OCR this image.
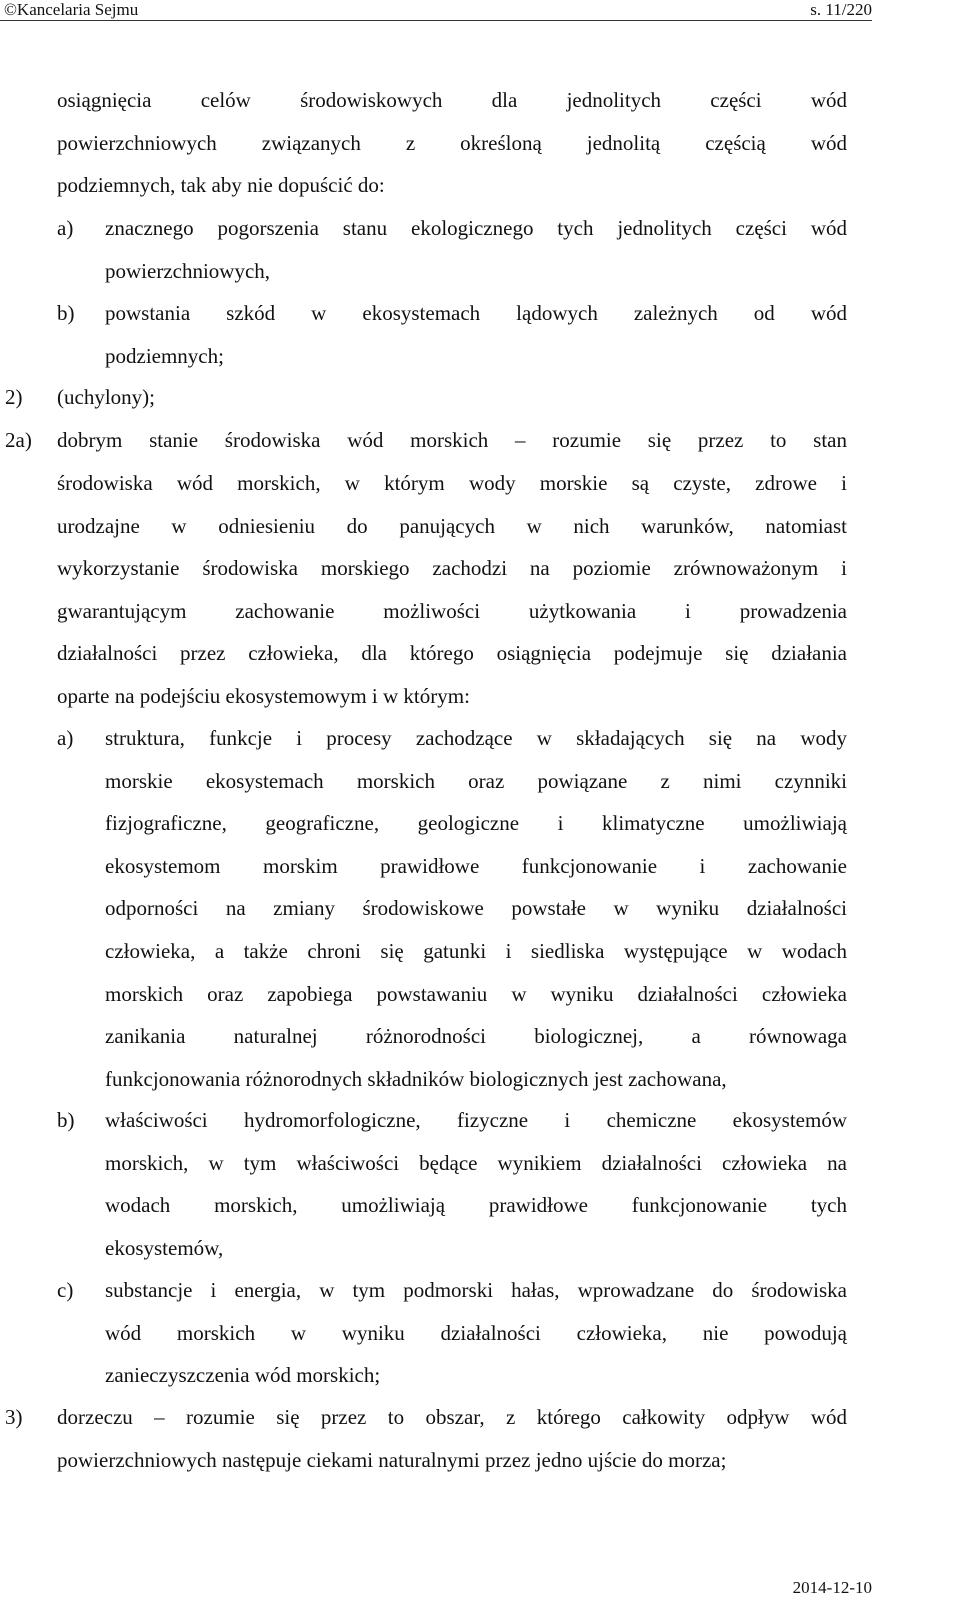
©Kancelaria Sejmu	s. 11/220
osiągnięcia celów środowiskowych dla jednolitych części wód
powierzchniowych związanych z określoną jednolitą częścią wód
podziemnych, tak aby nie dopuścić do:
a) znacznego pogorszenia stanu ekologicznego tych jednolitych części wód
powierzchniowych,
b) powstania szkód w ekosystemach lądowych zależnych od wód
podziemnych;
2) (uchylony);
2a) dobrym stanie środowiska wód morskich – rozumie się przez to stan
środowiska wód morskich, w którym wody morskie są czyste, zdrowe i
urodzajne w odniesieniu do panujących w nich warunków, natomiast
wykorzystanie środowiska morskiego zachodzi na poziomie zrównoważonym i
gwarantującym zachowanie możliwości użytkowania i prowadzenia
działalności przez człowieka, dla którego osiągnięcia podejmuje się działania
oparte na podejściu ekosystemowym i w którym:
a) struktura, funkcje i procesy zachodzące w składających się na wody
morskie ekosystemach morskich oraz powiązane z nimi czynniki
fizjograficzne, geograficzne, geologiczne i klimatyczne umożliwiają
ekosystemom morskim prawidłowe funkcjonowanie i zachowanie
odporności na zmiany środowiskowe powstałe w wyniku działalności
człowieka, a także chroni się gatunki i siedliska występujące w wodach
morskich oraz zapobiega powstawaniu w wyniku działalności człowieka
zanikania naturalnej różnorodności biologicznej, a równowaga
funkcjonowania różnorodnych składników biologicznych jest zachowana,
b) właściwości hydromorfologiczne, fizyczne i chemiczne ekosystemów
morskich, w tym właściwości będące wynikiem działalności człowieka na
wodach morskich, umożliwiają prawidłowe funkcjonowanie tych
ekosystemów,
c) substancje i energia, w tym podmorski hałas, wprowadzane do środowiska
wód morskich w wyniku działalności człowieka, nie powodują
zanieczyszczenia wód morskich;
3) dorzeczu – rozumie się przez to obszar, z którego całkowity odpływ wód
powierzchniowych następuje ciekami naturalnymi przez jedno ujście do morza;
2014-12-10
